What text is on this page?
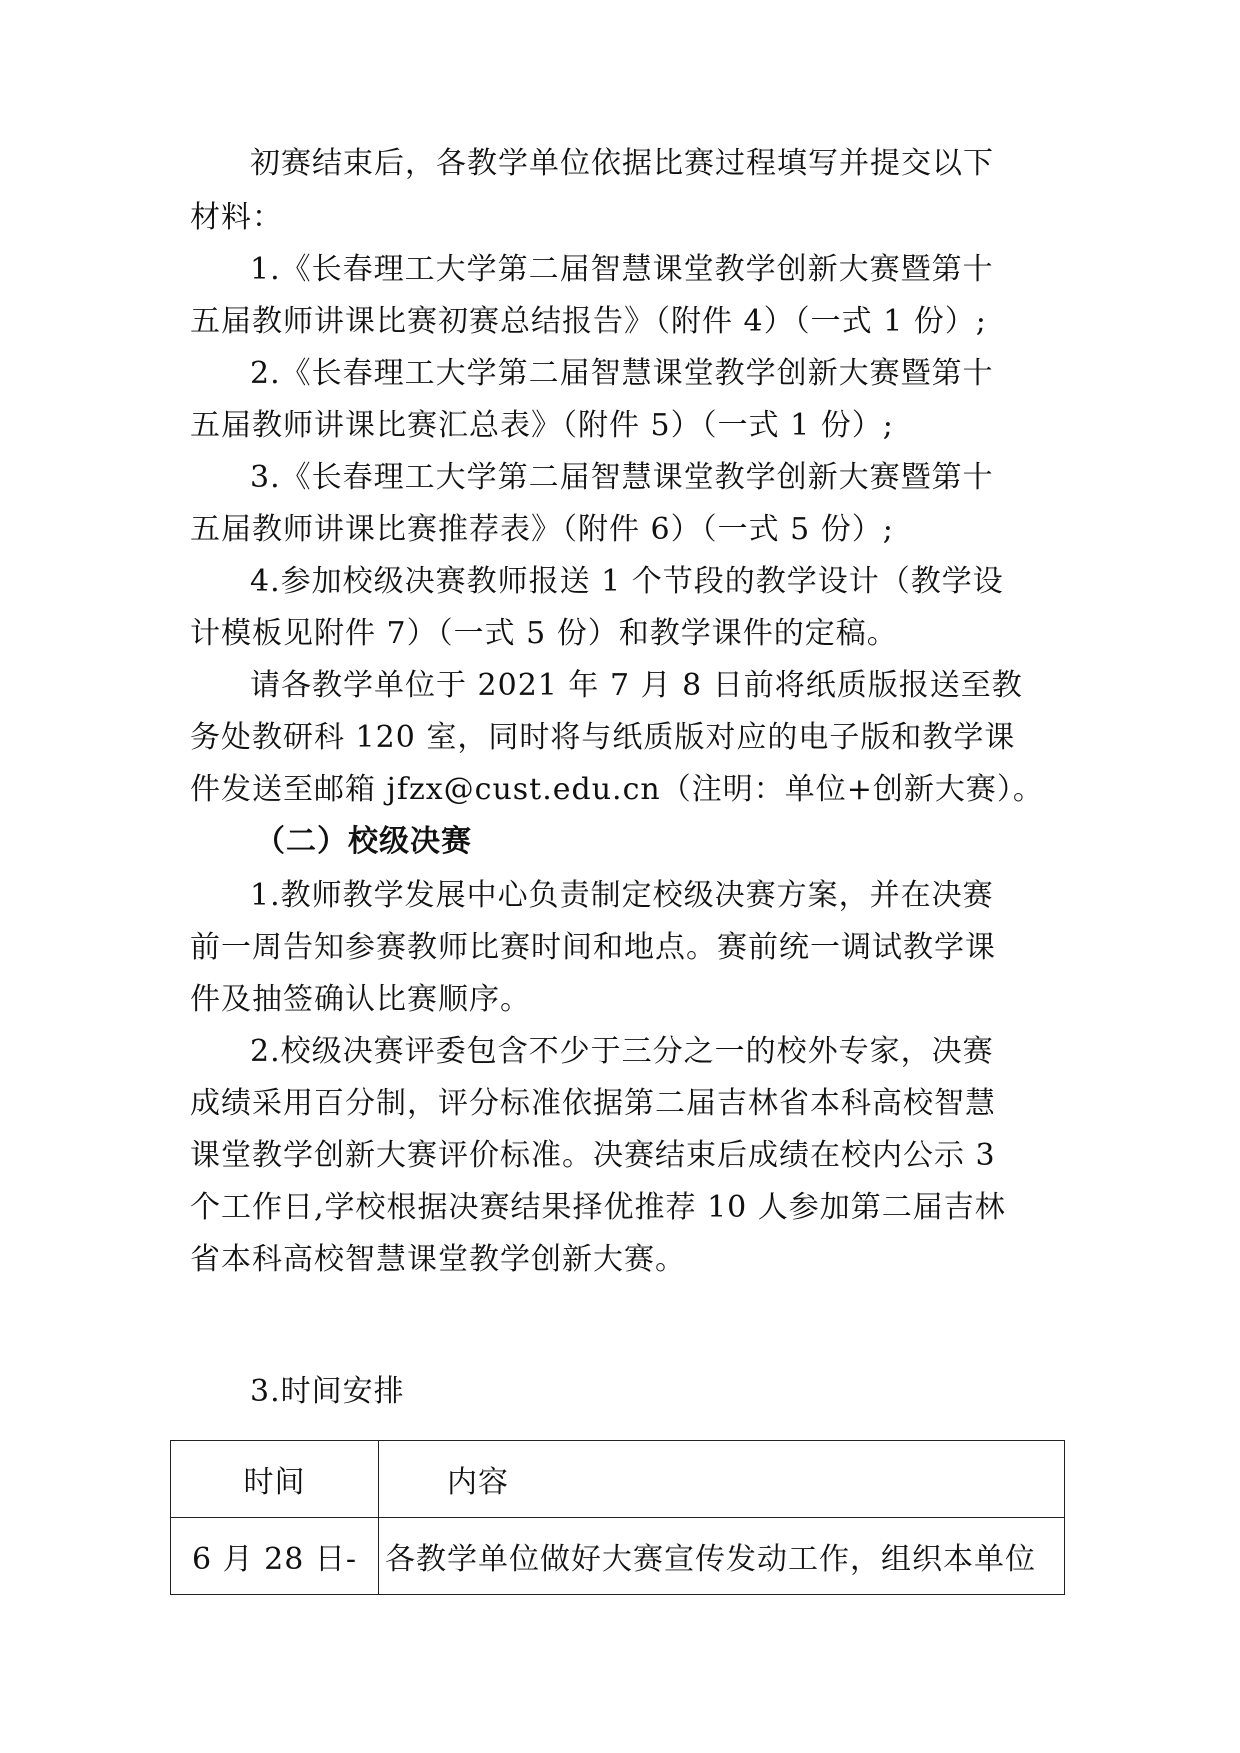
初赛结束后，各教学单位依据比赛过程填写并提交以下
材料：
1.《长春理工大学第二届智慧课堂教学创新大赛暨第十
五届教师讲课比赛初赛总结报告》（附件 4）（一式 1 份）;
2.《长春理工大学第二届智慧课堂教学创新大赛暨第十
五届教师讲课比赛汇总表》（附件 5）（一式 1 份）;
3.《长春理工大学第二届智慧课堂教学创新大赛暨第十
五届教师讲课比赛推荐表》（附件 6）（一式 5 份）;
4.参加校级决赛教师报送 1 个节段的教学设计（教学设
计模板见附件 7）（一式 5 份）和教学课件的定稿。
请各教学单位于 2021 年 7 月 8 日前将纸质版报送至教
务处教研科 120 室，同时将与纸质版对应的电子版和教学课
件发送至邮箱 jfzx@cust.edu.cn（注明：单位+创新大赛）。
（二）校级决赛
1.教师教学发展中心负责制定校级决赛方案，并在决赛
前一周告知参赛教师比赛时间和地点。赛前统一调试教学课
件及抽签确认比赛顺序。
2.校级决赛评委包含不少于三分之一的校外专家，决赛
成绩采用百分制，评分标准依据第二届吉林省本科高校智慧
课堂教学创新大赛评价标准。决赛结束后成绩在校内公示 3
个工作日,学校根据决赛结果择优推荐 10 人参加第二届吉林
省本科高校智慧课堂教学创新大赛。
3.时间安排
时间	内容
6 月 28 日-	各教学单位做好大赛宣传发动工作，组织本单位
